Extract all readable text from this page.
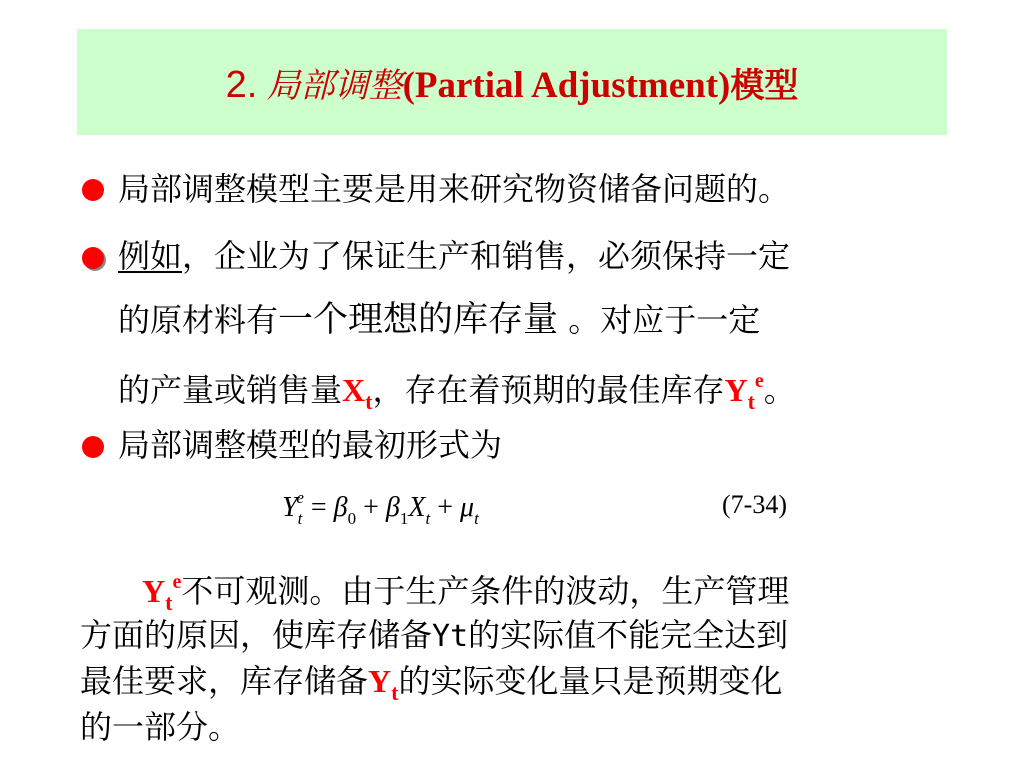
2. 局部调整(Partial Adjustment)模型
局部调整模型主要是用来研究物资储备问题的。
例如，企业为了保证生产和销售，必须保持一定
的原材料有一个理想的库存量 。对应于一定
的产量或销售量$X_t$，存在着预期的最佳库存$Y_t^e$。
局部调整模型的最初形式为
$Y_t^e = \beta_0 + \beta_1X_t + \mu_t$	(7-34)
$Y_t^e$不可观测。由于生产条件的波动，生产管理
方面的原因，使库存储备Yt的实际值不能完全达到
最佳要求，库存储备$Y_t$的实际变化量只是预期变化
的一部分。
